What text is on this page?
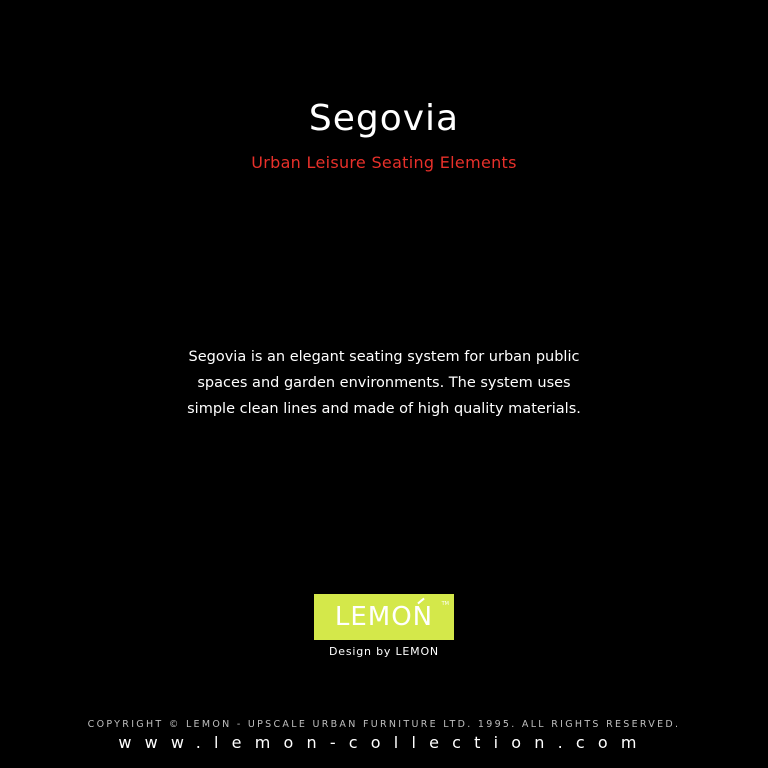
Segovia

Urban Leisure Seating Elements

Segovia is an elegant seating system for urban public
spaces and garden environments. The system uses
simple clean lines and made of high quality materials.
LEMON TM
Design by LEMON

COPYRIGHT © LEMON - UPSCALE URBAN FURNITURE LTD. 1995. ALL RIGHTS RESERVED.

www.lemon-collection.com
